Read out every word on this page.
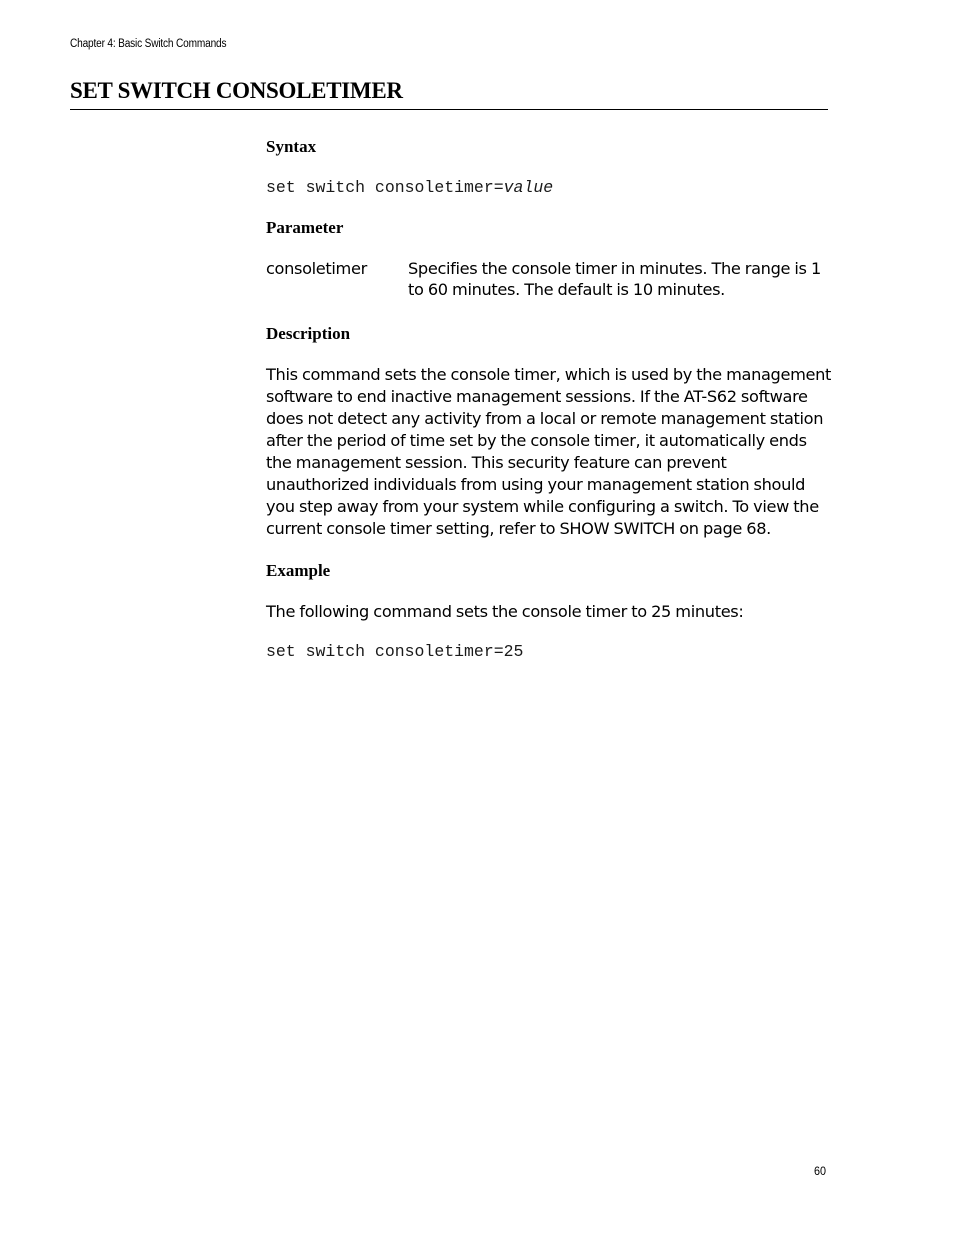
Chapter 4: Basic Switch Commands
SET SWITCH CONSOLETIMER
Syntax
set switch consoletimer=value
Parameter
consoletimer	Specifies the console timer in minutes. The range is 1
to 60 minutes. The default is 10 minutes.
Description
This command sets the console timer, which is used by the management
software to end inactive management sessions. If the AT-S62 software
does not detect any activity from a local or remote management station
after the period of time set by the console timer, it automatically ends
the management session. This security feature can prevent
unauthorized individuals from using your management station should
you step away from your system while configuring a switch. To view the
current console timer setting, refer to SHOW SWITCH on page 68.
Example
The following command sets the console timer to 25 minutes:
set switch consoletimer=25
60
